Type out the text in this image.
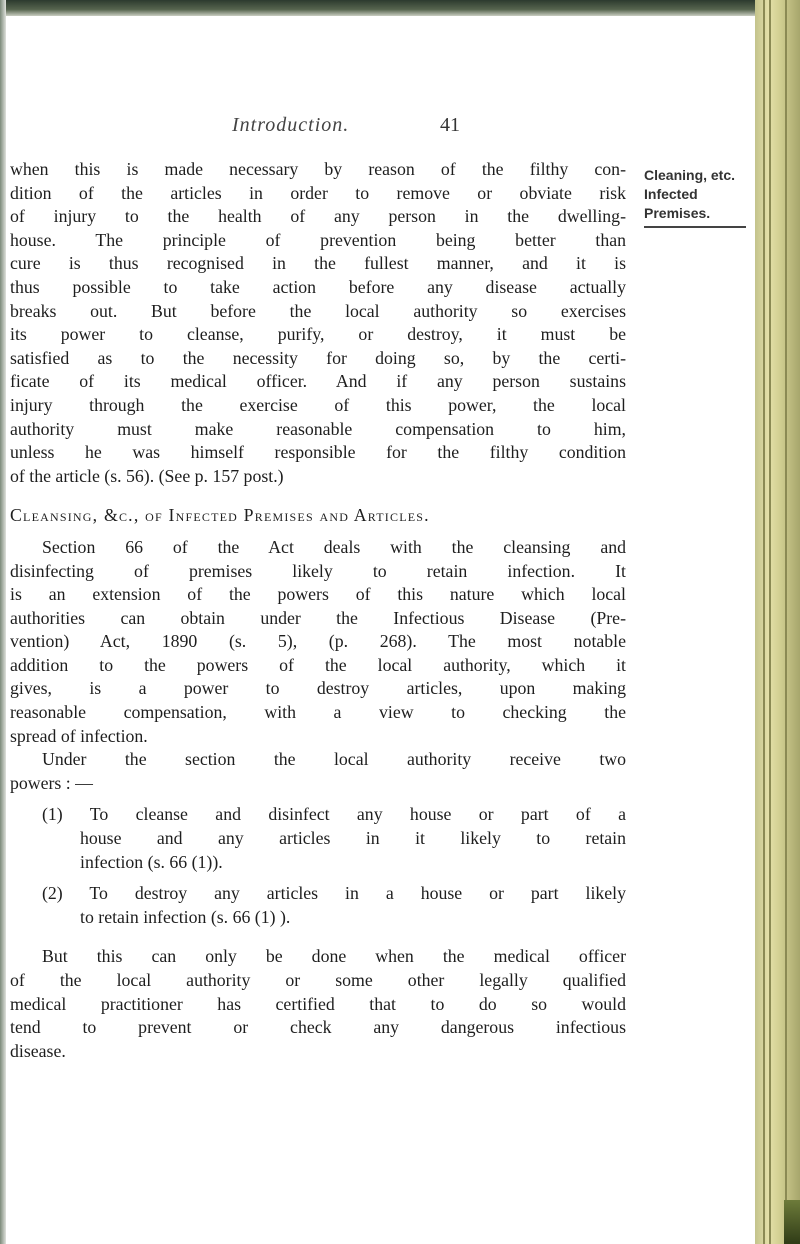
Introduction.	41
Cleaning, etc.
Infected
Premises.
when this is made necessary by reason of the filthy con-
dition of the articles in order to remove or obviate risk
of injury to the health of any person in the dwelling-
house. The principle of prevention being better than
cure is thus recognised in the fullest manner, and it is
thus possible to take action before any disease actually
breaks out. But before the local authority so exercises
its power to cleanse, purify, or destroy, it must be
satisfied as to the necessity for doing so, by the certi-
ficate of its medical officer. And if any person sustains
injury through the exercise of this power, the local
authority must make reasonable compensation to him,
unless he was himself responsible for the filthy condition
of the article (s. 56). (See p. 157 post.)
Cleansing, &c., of Infected Premises and Articles.
Section 66 of the Act deals with the cleansing and
disinfecting of premises likely to retain infection. It
is an extension of the powers of this nature which local
authorities can obtain under the Infectious Disease (Pre-
vention) Act, 1890 (s. 5), (p. 268). The most notable
addition to the powers of the local authority, which it
gives, is a power to destroy articles, upon making
reasonable compensation, with a view to checking the
spread of infection.
Under the section the local authority receive two
powers : —
(1) To cleanse and disinfect any house or part of a
house and any articles in it likely to retain
infection (s. 66 (1)).
(2) To destroy any articles in a house or part likely
to retain infection (s. 66 (1) ).
But this can only be done when the medical officer
of the local authority or some other legally qualified
medical practitioner has certified that to do so would
tend to prevent or check any dangerous infectious
disease.
